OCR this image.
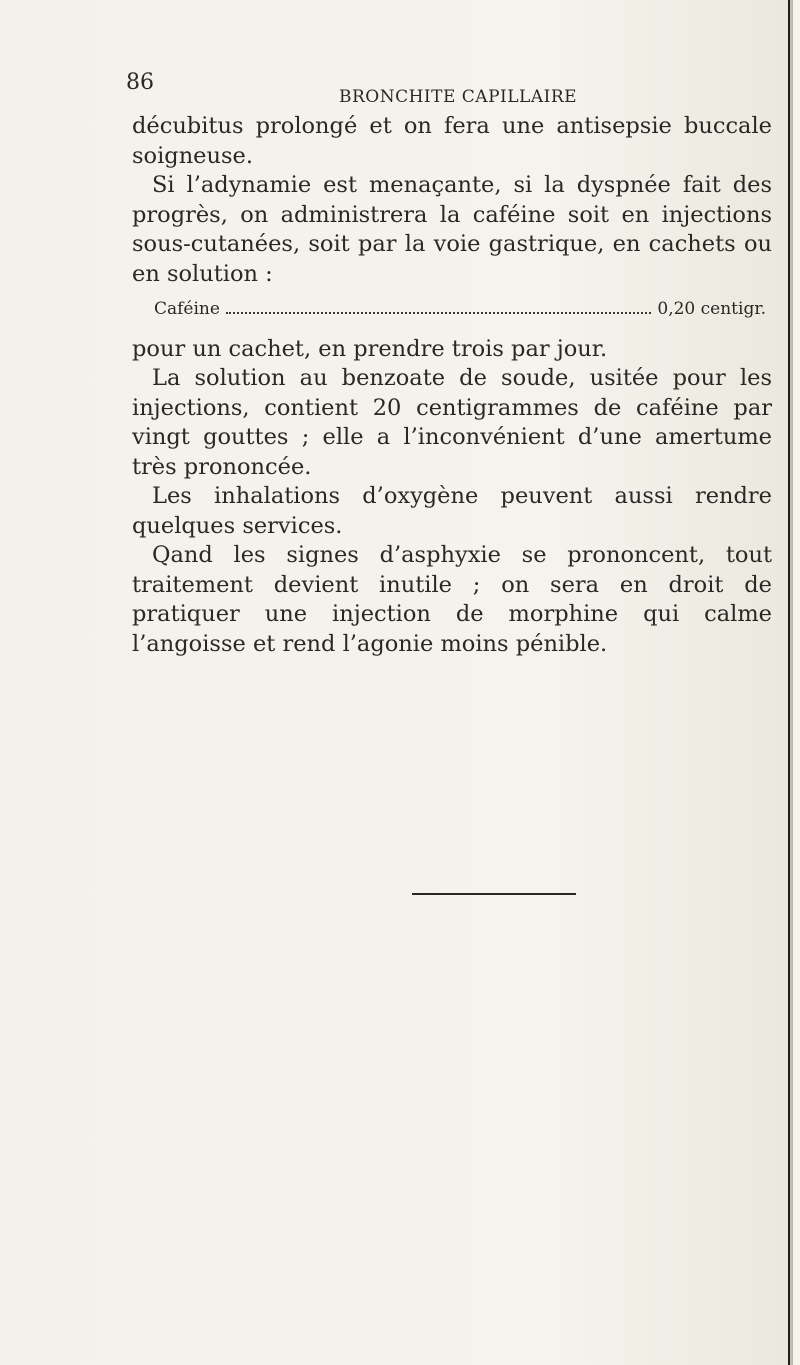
86
BRONCHITE CAPILLAIRE

décubitus prolongé et on fera une antisepsie buccale soigneuse.

Si l’adynamie est menaçante, si la dyspnée fait des progrès, on administrera la caféine soit en injections sous-cutanées, soit par la voie gastrique, en cachets ou en solution :

Caféine	0,20 centigr.

pour un cachet, en prendre trois par jour.

La solution au benzoate de soude, usitée pour les injections, contient 20 centigrammes de caféine par vingt gouttes ; elle a l’inconvénient d’une amertume très prononcée.

Les inhalations d’oxygène peuvent aussi rendre quelques services.

Qand les signes d’asphyxie se prononcent, tout traitement devient inutile ; on sera en droit de pratiquer une injection de morphine qui calme l’angoisse et rend l’agonie moins pénible.
